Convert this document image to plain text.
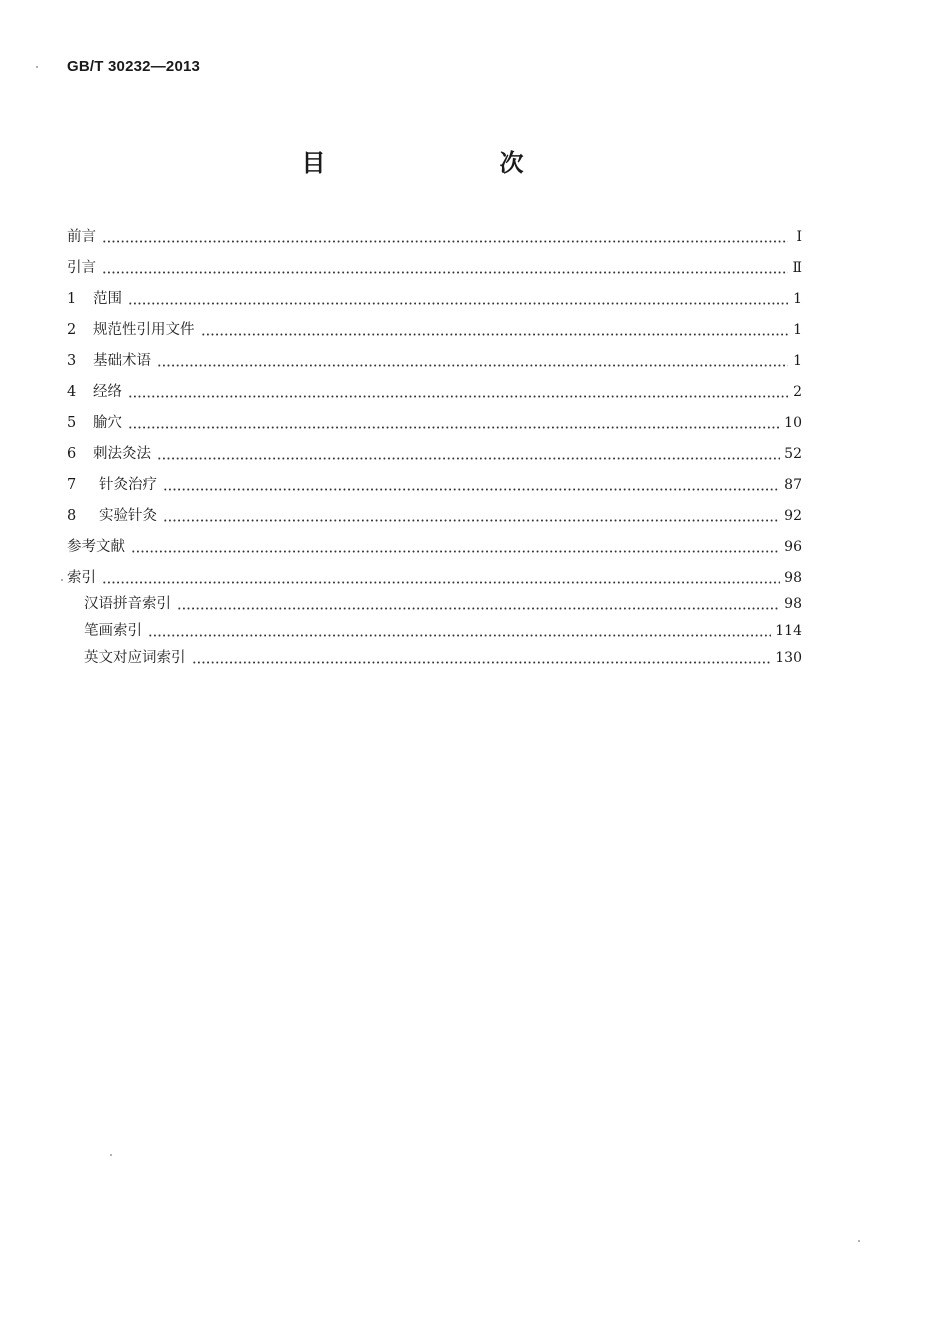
GB/T 30232—2013
目　　次
前言	Ⅰ
引言	Ⅱ
1	范围	1
2	规范性引用文件	1
3	基础术语	1
4	经络	2
5	腧穴	10
6	刺法灸法	52
7	针灸治疗	87
8	实验针灸	92
参考文献	96
索引	98
汉语拼音索引	98
笔画索引	114
英文对应词索引	130
